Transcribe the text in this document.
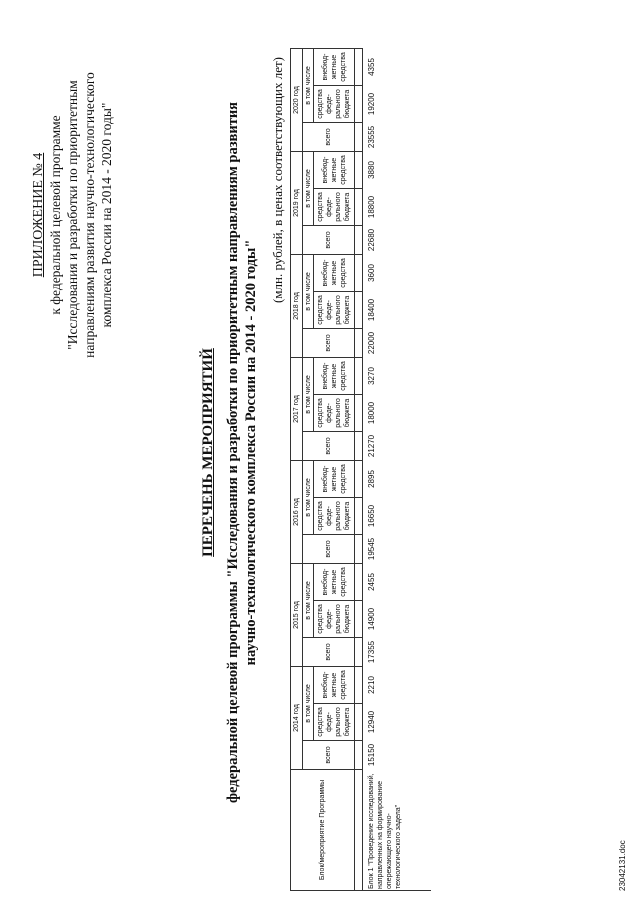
ПРИЛОЖЕНИЕ № 4 к федеральной целевой программе "Исследования и разработки по приоритетным направлениям развития научно-технологического комплекса России на 2014 - 2020 годы"
ПЕРЕЧЕНЬ МЕРОПРИЯТИЙ федеральной целевой программы "Исследования и разработки по приоритетным направлениям развития научно-технологического комплекса России на 2014 - 2020 годы"
(млн. рублей, в ценах соответствующих лет)
Блок/мероприятие Программы	2014 год			2015 год			2016 год			2017 год			2018 год			2019 год			2020 год		
	всего	в том числе		всего	в том числе		всего	в том числе		всего	в том числе		всего	в том числе		всего	в том числе		всего	в том числе	
		средства феде-рального бюджета	внебюд-жетные средства		средства феде-рального бюджета	внебюд-жетные средства		средства феде-рального бюджета	внебюд-жетные средства		средства феде-рального бюджета	внебюд-жетные средства		средства феде-рального бюджета	внебюд-жетные средства		средства феде-рального бюджета	внебюд-жетные средства		средства феде-рального бюджета	внебюд-жетные средства

Блок 1 "Проведение исследований, направленных на формирование опережающего научно-технологического задела"	15150	12940	2210	17355	14900	2455	19545	16650	2895	21270	18000	3270	22000	18400	3600	22680	18800	3880	23555	19200	4355
23042131.doc
